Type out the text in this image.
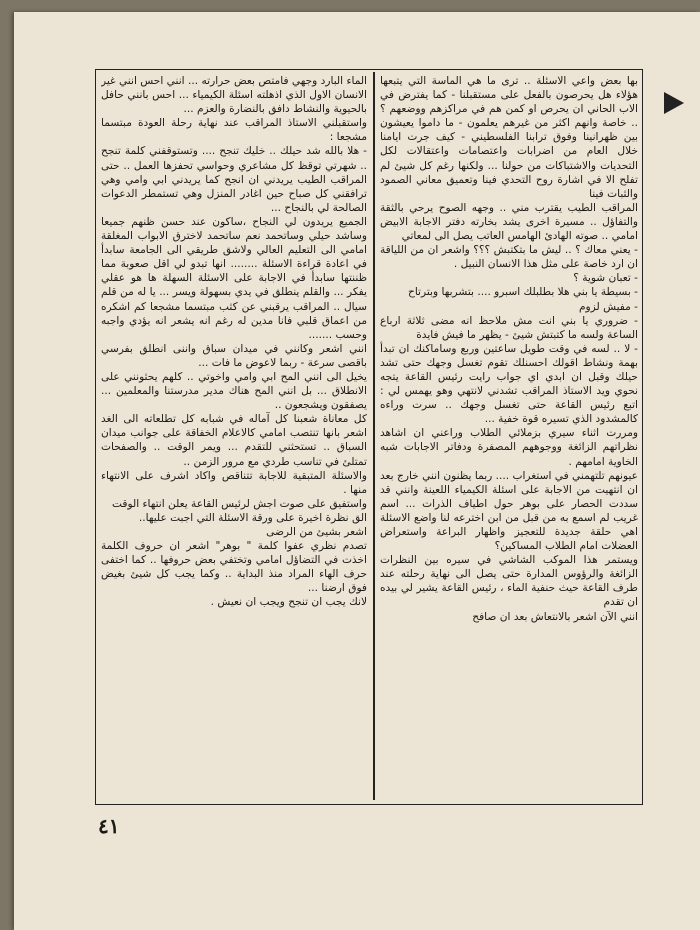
بها بعض واعي الاسئلة .. ترى ما هي الماسة التي يتبعها هؤلاء هل يحرصون بالفعل على مستقبلنا - كما يفترض في الاب الحاني ان يحرص او كمن هم في مراكزهم ووضعهم ؟ .. خاصة وانهم اكثر من غيرهم يعلمون - ما داموا يعيشون بين ظهرانينا وفوق ترابنا الفلسطيني - كيف جرت ايامنا خلال العام من اضرابات واعتصامات واعتقالات لكل التحديات والاشتباكات من حولنا ... ولكنها رغم كل شيئ لم تفلح الا في اشارة روح التحدي فينا وتعميق معاني الصمود والثبات فينا

المراقب الطيب يقترب مني .. وجهه الصوح يرحي بالثقة والتفاؤل .. مسيرة اخرى يشد بخارته دفتر الاجابة الابيض امامي .. صوته الهادئ الهامس العاتب يصل الى لمعاتي

- يعني معاك ؟ .. ليش ما بتكتبش ؟؟؟ واشعر ان من اللياقة ان ارد خاصة على مثل هذا الانسان النبيل .

- تعبان شوية ؟

- بسيطة يا بني هلا بطلبلك اسبرو .... بتشربها وبترتاح

- مفيش لزوم

- ضروري يا بني انت مش ملاحظ انه مضى ثلاثة ارباع الساعة ولسه ما كتبتش شيئ - يظهر ما فيش فايدة

- لا .. لسه في وقت طويل ساعتين وربع وساماكنك ان تبدأ بهمة ونشاط اقولك احسنلك تقوم تغسل وجهك حتى تشد حيلك وقبل ان ابدي اي جواب رايت رئيس القاعة يتجه نحوي ويد الاستاذ المراقب تشدني لانتهي وهو يهمس لي : اتبع رئيس القاعة حتى تغسل وجهك .. سرت وراءه كالمشدود الذي تسيره قوة خفية ...

ومررت اثناء سيري بزملائي الطلاب وراعني ان اشاهد نظراتهم الزائغة ووجوههم المصفرة ودفاتر الاجابات شبه الخاوية امامهم .

عيونهم تلتهمني في استغراب .... ربما يظنون انني خارج بعد ان انتهيت من الاجابة على اسئلة الكيمياء اللعينة وانني قد سددت الحصار على بوهر حول اطياف الذرات ... اسم غريب لم اسمع به من قبل من ابن اخترعه لنا واضع الاسئلة اهي حلقة جديدة للتعجيز واظهار البراعة واستعراض العضلات امام الطلاب المساكين؟

ويستمر هذا الموكب الشاشي في سيره بين النظرات الزائغة والرؤوس المدارة حتى يصل الى نهاية رحلته عند طرف القاعة حيث حنفية الماء ، رئيس القاعة يشير لي بيده ان تقدم

انني الآن اشعر بالانتعاش بعد ان صافح

الماء البارد وجهي فامتص بعض حرارته ... انني احس انني غير الانسان الاول الذي اذهلته اسئلة الكيمياء ... احس بانني حافل بالحيوية والنشاط دافق بالنضارة والعزم ...

واستقبلني الاستاذ المراقب عند نهاية رحلة العودة مبتسما مشجعا :

- هلا بالله شد حيلك .. خليك تنجح .... وتستوقفني كلمة تنجح .. شهرتي توقظ كل مشاعري وحواسي تحفزها العمل .. حتى المراقب الطيب يريدني ان انجح كما يريدني ابي وامي وهي ترافقني كل صباح حين اغادر المنزل وهي تستمطر الدعوات الصالحة لي بالنجاح ...

الجميع يريدون لي النجاح ،ساكون عند حسن ظنهم جميعا وساشد حيلي وساتحمد نعم ساتحمد لاخترق الابواب المغلقة امامي الى التعليم العالي ولاشق طريقي الى الجامعة سابدأ في اعادة قراءة الاسئلة ........ انها تبدو لي اقل صعوبة مما ظننتها سابدأ في الاجابة على الاسئلة السهلة ها هو عقلي يفكر ... والقلم ينطلق في يدي بسهولة ويسر ... يا له من قلم سيال .. المراقب يرقبني عن كثب مبتسما مشجعا كم اشكره من اعماق قلبي فانا مدين له رغم انه يشعر انه يؤدي واجبه وحسب .......

انني اشعر وكانني في ميدان سباق واننى انطلق بفرسي باقصى سرعة - ربما لاعوض ما فات ...

يخيل الى انني المح ابي وامي واخوتي .. كلهم يحثونني على الانطلاق ... بل انني المح هناك مدير مدرستنا والمعلمين ... يصفقون ويشجعون ..

كل معاناة شعبنا كل آماله في شبابه كل تطلعاته الى الغد اشعر بانها تنتصب امامي كالاعلام الخفاقة على جوانب ميدان السباق .. تستحثني للتقدم ... ويمر الوقت .. والصفحات تمتلئ في تناسب طردي مع مرور الزمن ..

والاسئلة المتبقية للاجابة تتناقص واكاد اشرف على الانتهاء منها .

واستفيق على صوت اجش لرئيس القاعة يعلن انتهاء الوقت

الق نظرة اخيرة على ورقة الاسئلة التي اجبت عليها..

اشعر بشيئ من الرضى

تصدم نظري عفوا كلمة " بوهر" اشعر ان حروف الكلمة اخذت في التضاؤل امامي وتختفي بعض حروفها .. كما اختفى حرف الهاء المراد منذ البداية .. وكما يجب كل شيئ بغيض فوق ارضنا ...

لانك يجب ان تنجح ويجب ان نعيش .

٤١
